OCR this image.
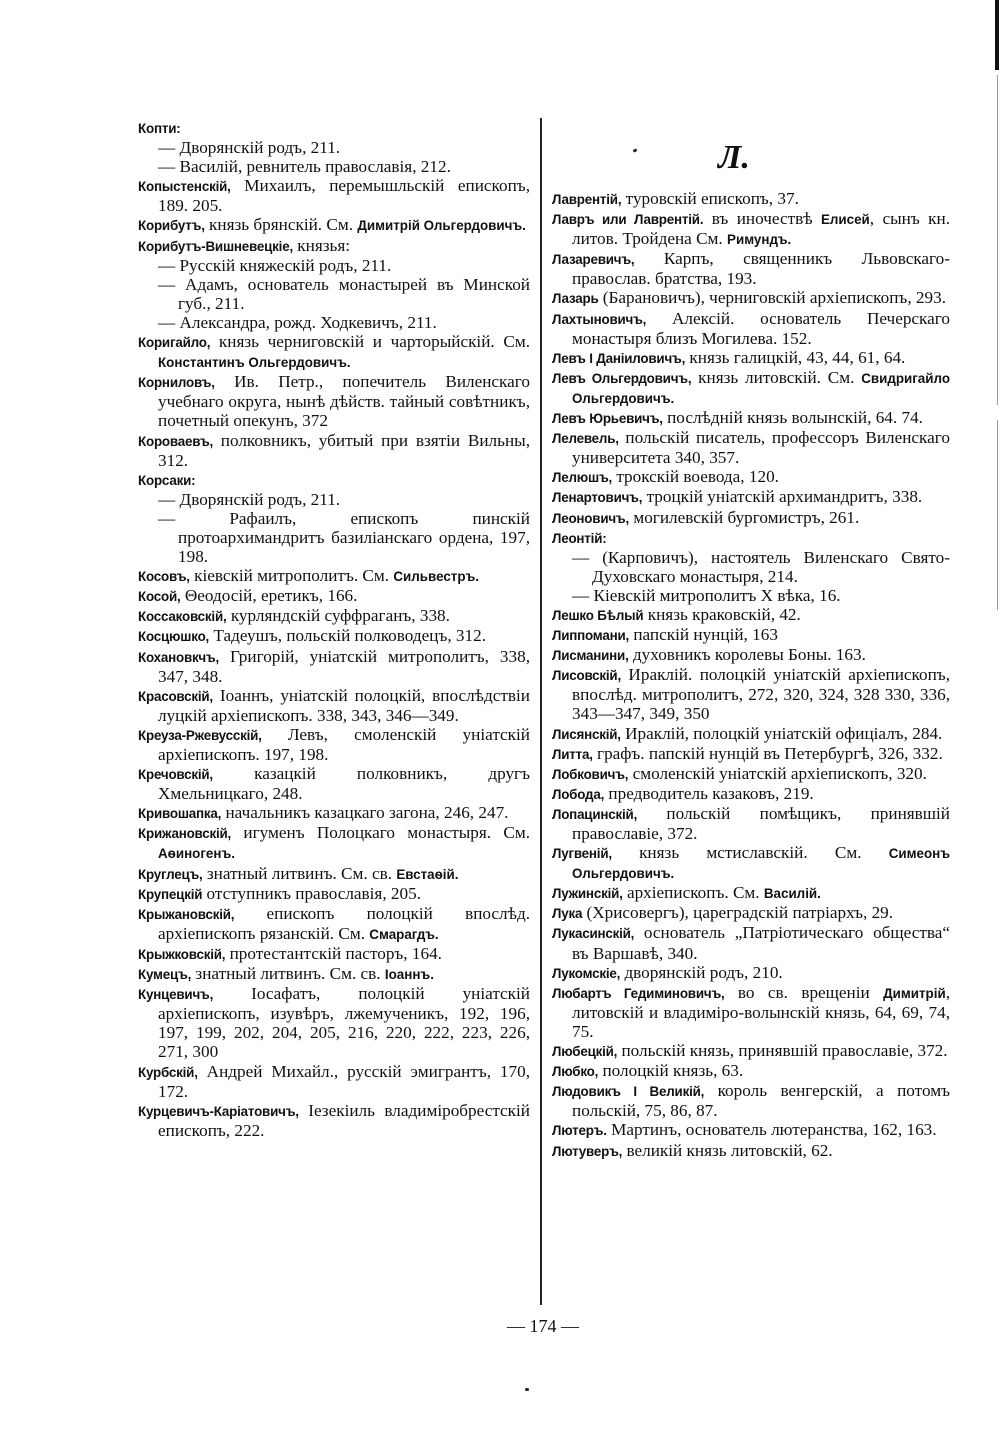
Копти:

— Дворянскій родъ, 211.

— Василій, ревнитель православія, 212.

Копыстенскій, Михаилъ, перемышльскій епископъ, 189. 205.

Корибутъ, князь брянскій. См. Димитрій Ольгердовичъ.

Корибутъ-Вишневецкіе, князья:

— Русскій княжескій родъ, 211.

— Адамъ, основатель монастырей въ Минской губ., 211.

— Александра, рожд. Ходкевичъ, 211.

Коригайло, князь черниговскій и чарторыйскій. См. Константинъ Ольгердовичъ.

Корниловъ, Ив. Петр., попечитель Виленскаго учебнаго округа, нынѣ дѣйств. тайный совѣтникъ, почетный опекунъ, 372

Короваевъ, полковникъ, убитый при взятіи Вильны, 312.

Корсаки:

— Дворянскій родъ, 211.

— Рафаилъ, епископъ пинскій протоархимандритъ базиліанскаго ордена, 197, 198.

Косовъ, кіевскій митрополитъ. См. Сильвестръ.

Косой, Θеодосій, еретикъ, 166.

Коссаковскій, курляндскій суффраганъ, 338.

Косцюшко, Тадеушъ, польскій полководецъ, 312.

Кохановкчъ, Григорій, уніатскій митрополитъ, 338, 347, 348.

Красовскій, Іоаннъ, уніатскій полоцкій, впослѣдствіи луцкій архіепископъ. 338, 343, 346—349.

Креуза-Ржевусскій, Левъ, смоленскій уніатскій архіепископъ. 197, 198.

Кречовскій, казацкій полковникъ, другъ Хмельницкаго, 248.

Кривошапка, начальникъ казацкаго загона, 246, 247.

Крижановскій, игуменъ Полоцкаго монастыря. См. Аѳиногенъ.

Круглецъ, знатный литвинъ. См. св. Евстаѳій.

Крупецкій отступникъ православія, 205.

Крыжановскій, епископъ полоцкій впослѣд. архіепископъ рязанскій. См. Смарагдъ.

Крыжковскій, протестантскій пасторъ, 164.

Кумецъ, знатный литвинъ. См. св. Іоаннъ.

Кунцевичъ, Іосафатъ, полоцкій уніатскій архіепископъ, изувѣръ, лжемученикъ, 192, 196, 197, 199, 202, 204, 205, 216, 220, 222, 223, 226, 271, 300

Курбскій, Андрей Михайл., русскій эмигрантъ, 170, 172.

Курцевичъ-Каріатовичъ, Іезекіиль владиміробрестскій епископъ, 222.

Л.

Лаврентій, туровскій епископъ, 37.

Лавръ или Лаврентій. въ иночествѣ Елисей, сынъ кн. литов. Тройдена См. Римундъ.

Лазаревичъ, Карпъ, священникъ Львовскаго-православ. братства, 193.

Лазарь (Барановичъ), черниговскій архіепископъ, 293.

Лахтыновичъ, Алексій. основатель Печерскаго монастыря близъ Могилева. 152.

Левъ I Даніиловичъ, князь галицкій, 43, 44, 61, 64.

Левъ Ольгердовичъ, князь литовскій. См. Свидригайло Ольгердовичъ.

Левъ Юрьевичъ, послѣдній князь волынскій, 64. 74.

Лелевель, польскій писатель, профессоръ Виленскаго университета 340, 357.

Лелюшъ, трокскій воевода, 120.

Ленартовичъ, троцкій уніатскій архимандритъ, 338.

Леоновичъ, могилевскій бургомистръ, 261.

Леонтій:

— (Карповичъ), настоятель Виленскаго Свято-Духовскаго монастыря, 214.

— Кіевскій митрополитъ X вѣка, 16.

Лешко Бѣлый князь краковскій, 42.

Липпомани, папскій нунцій, 163

Лисманини, духовникъ королевы Боны. 163.

Лисовскій, Ираклій. полоцкій уніатскій архіепископъ, впослѣд. митрополитъ, 272, 320, 324, 328 330, 336, 343—347, 349, 350

Лисянскій, Ираклій, полоцкій уніатскій офиціалъ, 284.

Литта, графъ. папскій нунцій въ Петербургѣ, 326, 332.

Лобковичъ, смоленскій уніатскій архіепископъ, 320.

Лобода, предводитель казаковъ, 219.

Лопацинскій, польскій помѣщикъ, принявшій православіе, 372.

Лугвеній, князь мстиславскій. См. Симеонъ Ольгердовичъ.

Лужинскій, архіепископъ. См. Василій.

Лука (Хрисовергъ), цареградскій патріархъ, 29.

Лукасинскій, основатель „Патріотическаго общества“ въ Варшавѣ, 340.

Лукомскіе, дворянскій родъ, 210.

Любартъ Гедиминовичъ, во св. врещеніи Димитрій, литовскій и владиміро-волынскій князь, 64, 69, 74, 75.

Любецкій, польскій князь, принявшій православіе, 372.

Любко, полоцкій князь, 63.

Людовикъ I Великій, король венгерскій, а потомъ польскій, 75, 86, 87.

Лютеръ. Мартинъ, основатель лютеранства, 162, 163.

Лютуверъ, великій князь литовскій, 62.

— 174 —
